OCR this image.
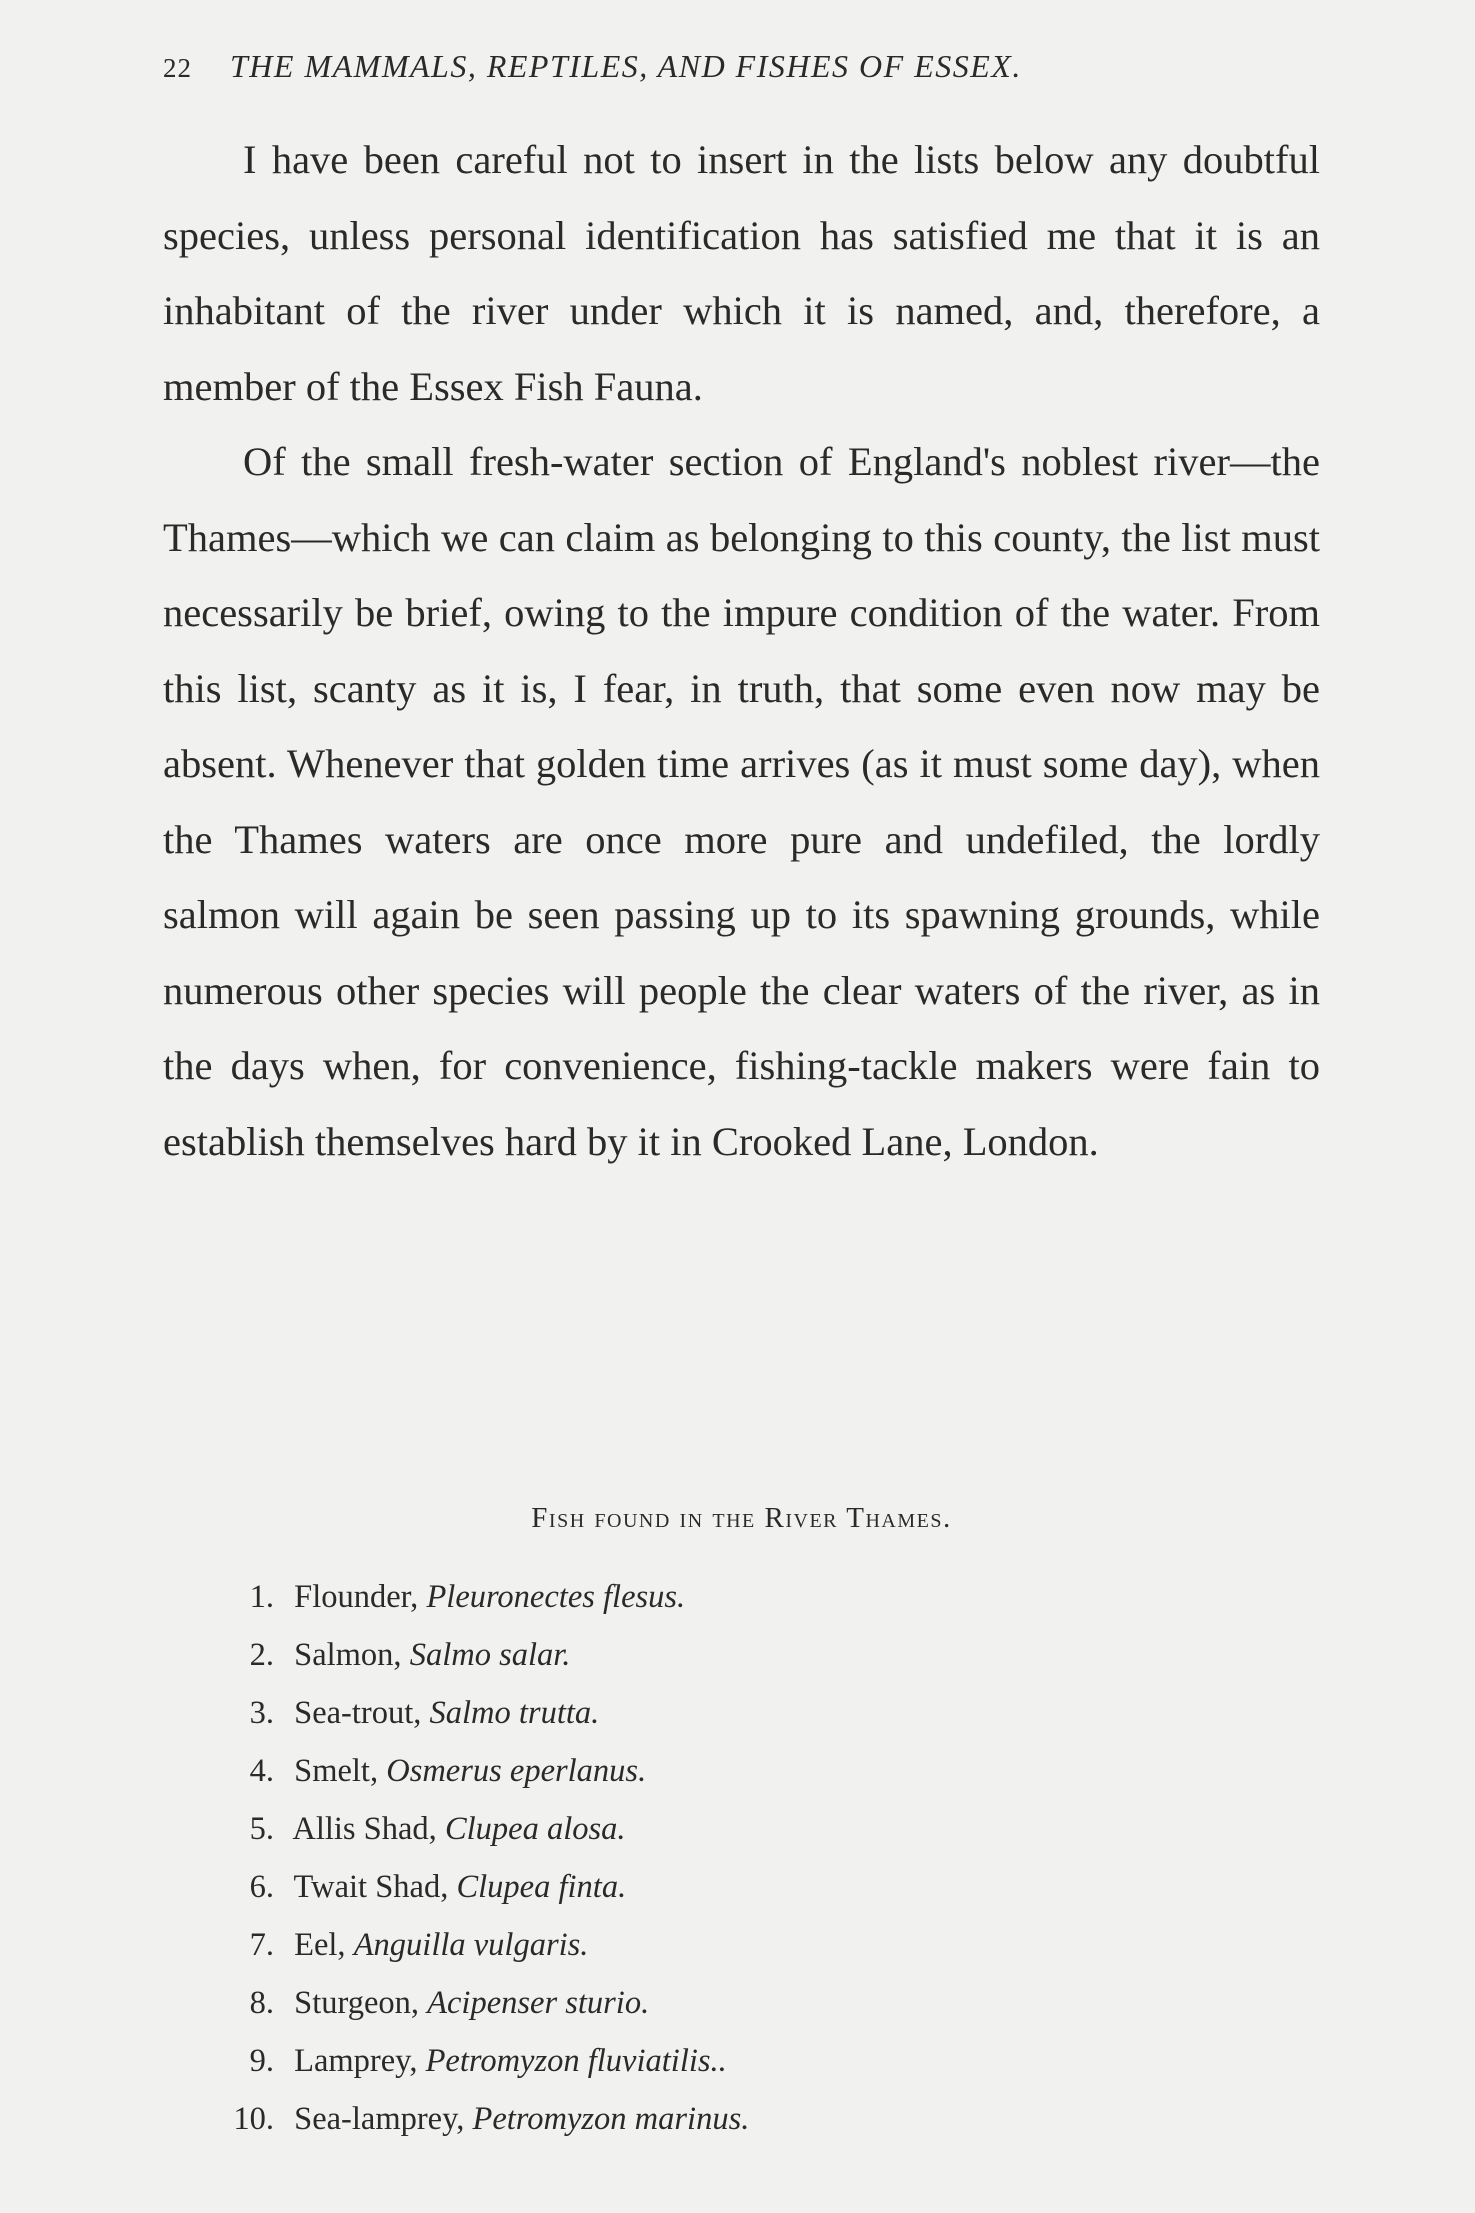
22 THE MAMMALS, REPTILES, AND FISHES OF ESSEX.

I have been careful not to insert in the lists below any doubtful species, unless personal identification has satisfied me that it is an inhabitant of the river under which it is named, and, therefore, a member of the Essex Fish Fauna.

Of the small fresh-water section of England's noblest river—the Thames—which we can claim as belonging to this county, the list must necessarily be brief, owing to the impure condition of the water. From this list, scanty as it is, I fear, in truth, that some even now may be absent. Whenever that golden time arrives (as it must some day), when the Thames waters are once more pure and undefiled, the lordly salmon will again be seen passing up to its spawning grounds, while numerous other species will people the clear waters of the river, as in the days when, for convenience, fishing-tackle makers were fain to establish themselves hard by it in Crooked Lane, London.

Fish found in the River Thames.
1. Flounder, Pleuronectes flesus.
2. Salmon, Salmo salar.
3. Sea-trout, Salmo trutta.
4. Smelt, Osmerus eperlanus.
5. Allis Shad, Clupea alosa.
6. Twait Shad, Clupea finta.
7. Eel, Anguilla vulgaris.
8. Sturgeon, Acipenser sturio.
9. Lamprey, Petromyzon fluviatilis..
10. Sea-lamprey, Petromyzon marinus.
